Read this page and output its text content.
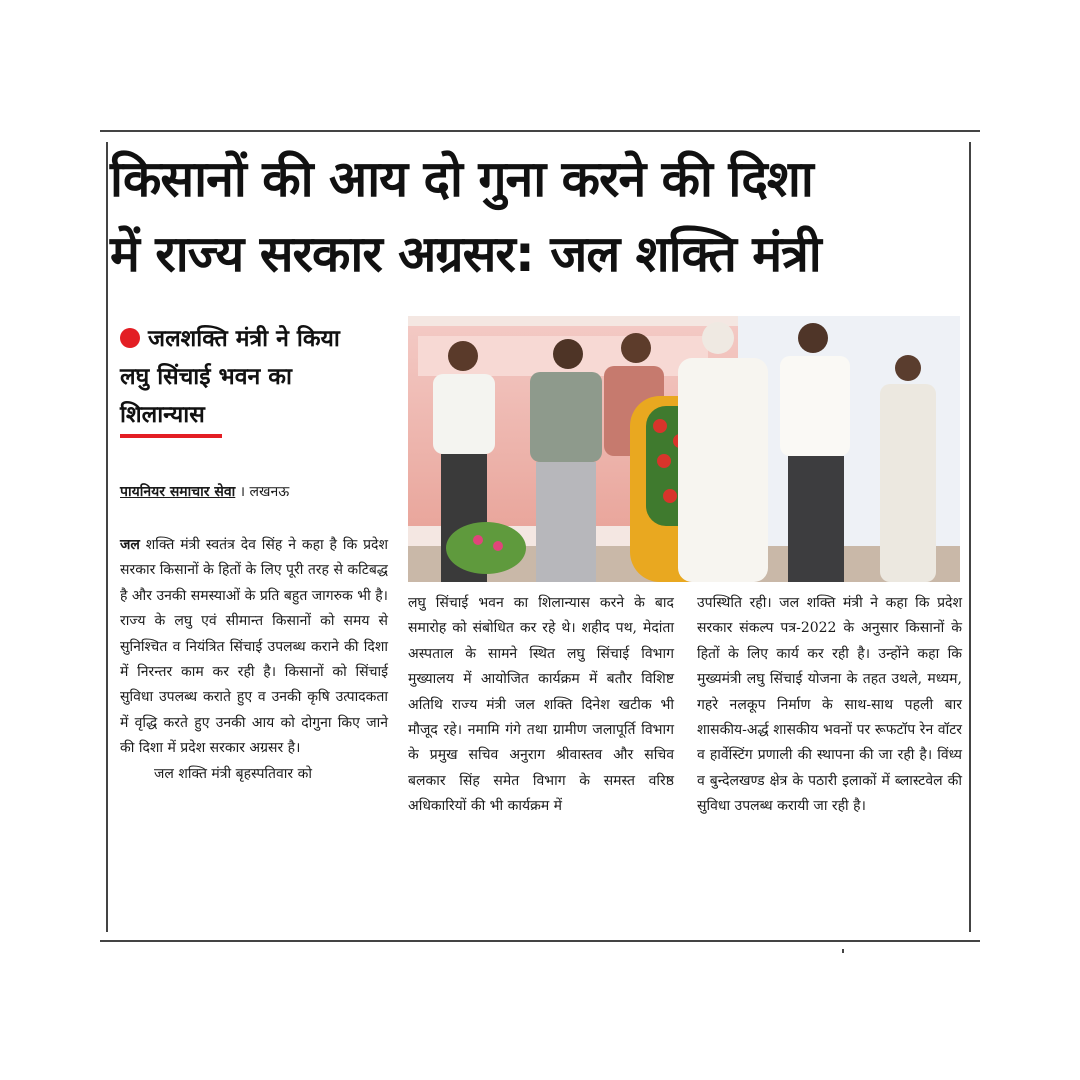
किसानों की आय दो गुना करने की दिशा
में राज्य सरकार अग्रसर: जल शक्ति मंत्री
जलशक्ति मंत्री ने किया
लघु सिंचाई भवन का
शिलान्यास
पायनियर समाचार सेवा । लखनऊ

जल शक्ति मंत्री स्वतंत्र देव सिंह ने कहा है कि प्रदेश सरकार किसानों के हितों के लिए पूरी तरह से कटिबद्ध है और उनकी समस्याओं के प्रति बहुत जागरुक भी है। राज्य के लघु एवं सीमान्त किसानों को समय से सुनिश्चित व नियंत्रित सिंचाई उपलब्ध कराने की दिशा में निरन्तर काम कर रही है। किसानों को सिंचाई सुविधा उपलब्ध कराते हुए व उनकी कृषि उत्पादकता में वृद्धि करते हुए उनकी आय को दोगुना किए जाने की दिशा में प्रदेश सरकार अग्रसर है।

जल शक्ति मंत्री बृहस्पतिवार को

लघु सिंचाई भवन का शिलान्यास करने के बाद समारोह को संबोधित कर रहे थे। शहीद पथ, मेदांता अस्पताल के सामने स्थित लघु सिंचाई विभाग मुख्यालय में आयोजित कार्यक्रम में बतौर विशिष्ट अतिथि राज्य मंत्री जल शक्ति दिनेश खटीक भी मौजूद रहे। नमामि गंगे तथा ग्रामीण जलापूर्ति विभाग के प्रमुख सचिव अनुराग श्रीवास्तव और सचिव बलकार सिंह समेत विभाग के समस्त वरिष्ठ अधिकारियों की भी कार्यक्रम में

उपस्थिति रही। जल शक्ति मंत्री ने कहा कि प्रदेश सरकार संकल्प पत्र-2022 के अनुसार किसानों के हितों के लिए कार्य कर रही है। उन्होंने कहा कि मुख्यमंत्री लघु सिंचाई योजना के तहत उथले, मध्यम, गहरे नलकूप निर्माण के साथ-साथ पहली बार शासकीय-अर्द्ध शासकीय भवनों पर रूफटॉप रेन वॉटर व हार्वेस्टिंग प्रणाली की स्थापना की जा रही है। विंध्य व बुन्देलखण्ड क्षेत्र के पठारी इलाकों में ब्लास्टवेल की सुविधा उपलब्ध करायी जा रही है।
